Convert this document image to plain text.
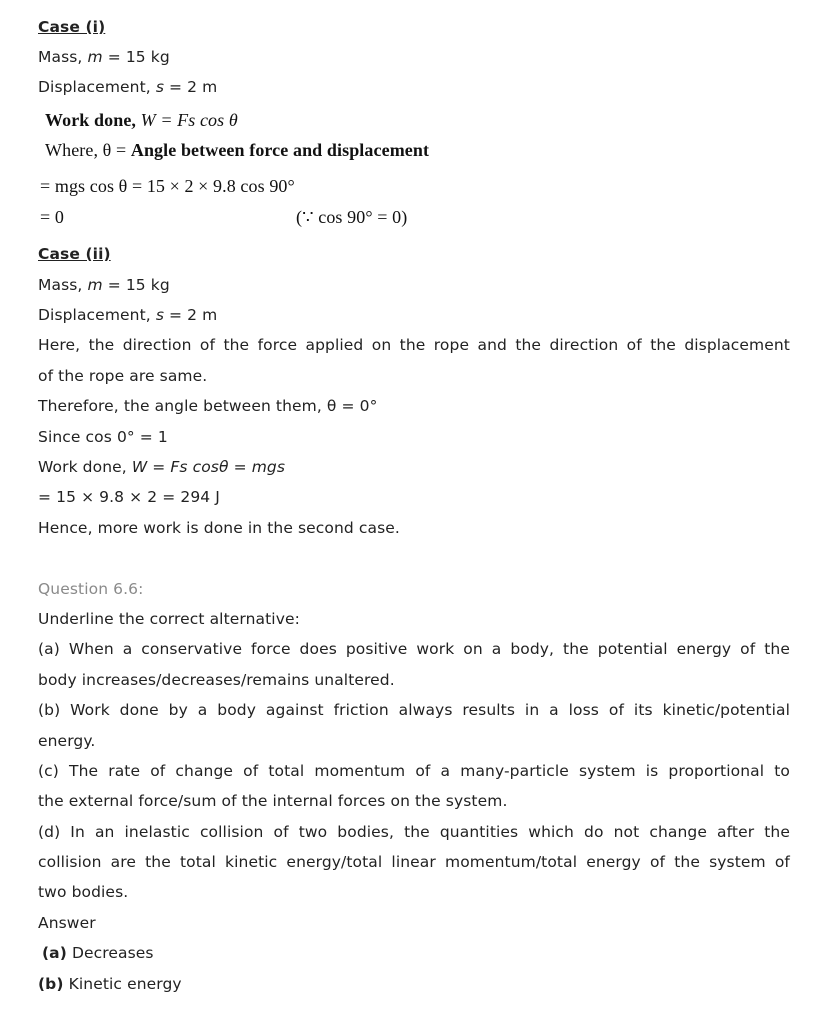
Case (i)
Mass, m = 15 kg
Displacement, s = 2 m
Work done, W = Fs cos θ
Where, θ = Angle between force and displacement
= mgs cos θ = 15 × 2 × 9.8 cos 90°
= 0	(∵ cos 90° = 0)
Case (ii)
Mass, m = 15 kg
Displacement, s = 2 m
Here, the direction of the force applied on the rope and the direction of the displacement
of the rope are same.
Therefore, the angle between them, θ = 0°
Since cos 0° = 1
Work done, W = Fs cosθ = mgs
= 15 × 9.8 × 2 = 294 J
Hence, more work is done in the second case.
Question 6.6:
Underline the correct alternative:
(a) When a conservative force does positive work on a body, the potential energy of the
body increases/decreases/remains unaltered.
(b) Work done by a body against friction always results in a loss of its kinetic/potential
energy.
(c) The rate of change of total momentum of a many-particle system is proportional to
the external force/sum of the internal forces on the system.
(d) In an inelastic collision of two bodies, the quantities which do not change after the
collision are the total kinetic energy/total linear momentum/total energy of the system of
two bodies.
Answer
(a) Decreases
(b) Kinetic energy
